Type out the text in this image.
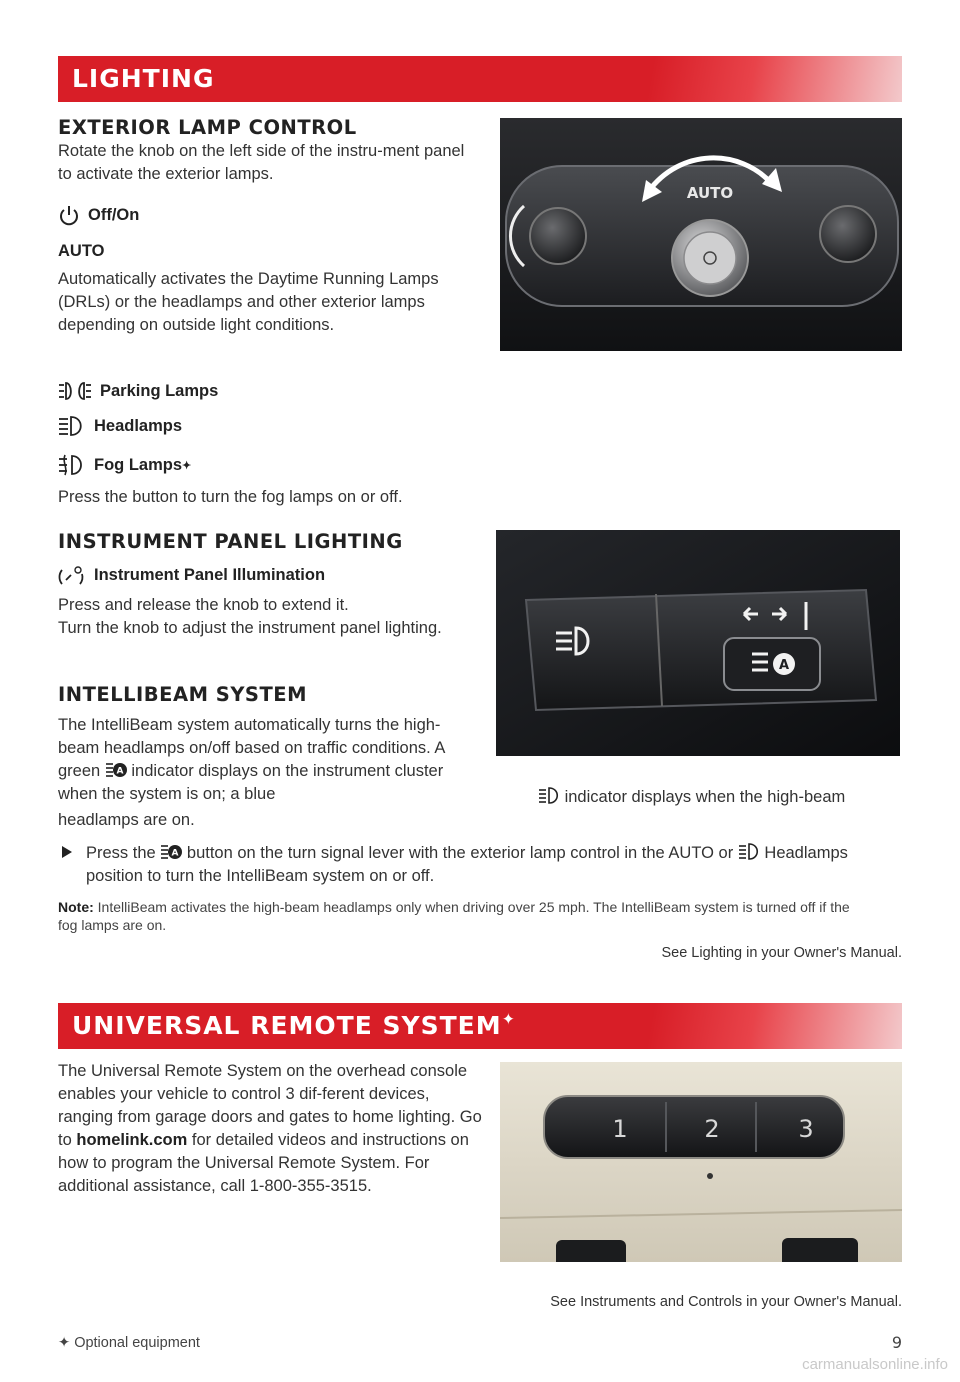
LIGHTING
EXTERIOR LAMP CONTROL
Rotate the knob on the left side of the instru-ment panel to activate the exterior lamps.
Off/On
AUTO
Automatically activates the Daytime Running Lamps (DRLs) or the headlamps and other exterior lamps depending on outside light conditions.
Parking Lamps
Headlamps
Fog Lamps ✦
Press the button to turn the fog lamps on or off.
AUTO
INSTRUMENT PANEL LIGHTING
Instrument Panel Illumination
Press and release the knob to extend it.
Turn the knob to adjust the instrument panel lighting.
A
INTELLIBEAM SYSTEM
The IntelliBeam system automatically turns the high-beam headlamps on/off based on traffic conditions. A green A indicator displays on the instrument cluster when the system is on; a blue	indicator displays when the high-beam headlamps are on.
Press the A button on the turn signal lever with the exterior lamp control in the AUTO or Headlamps position to turn the IntelliBeam system on or off.
Note: IntelliBeam activates the high-beam headlamps only when driving over 25 mph. The IntelliBeam system is turned off if the fog lamps are on.
See Lighting in your Owner's Manual.
UNIVERSAL REMOTE SYSTEM✦
The Universal Remote System on the overhead console enables your vehicle to control 3 dif-ferent devices, ranging from garage doors and gates to home lighting. Go to homelink.com for detailed videos and instructions on how to program the Universal Remote System. For additional assistance, call 1-800-355-3515.
1	2	3
See Instruments and Controls in your Owner's Manual.
✦ Optional equipment	9
carmanualsonline.info
